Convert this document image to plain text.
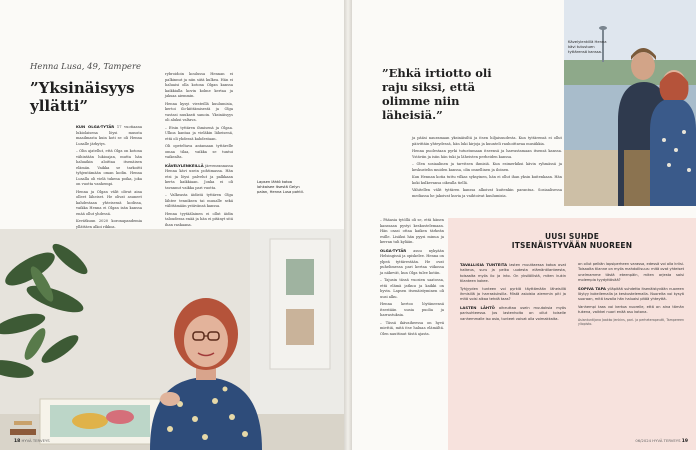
Henna Lusa, 49, Tampere
”Yksinäisyys yllätti”

KUN OLGA-TYTÄR 17 vuotiaana lukiolaisena löysi muusta maailmasta kuin koti se oli Henna Lusalle järkytys.

– Olin ajatellut, että Olga on kotona vähintään lukioajan, mutta hän haluaikin aloittaa itsenäisen elämän. Vaikka se tarkoitti tyhjentämään oman kodin. Henna Lusalla oli vielä tukena poika, joka on vuotta vanhempi.

Henna ja Olgan välit olivat aina olleet läheiset. He olivat asuneet kahdestaan yhteisessä kodissa, vaikka Henna ei Olgan isän kanssa enää ollut yhdessä.

Kevätkuun 2020 koronapandemia yllättäen alkoi rikkoa.

rybroidoin koulussa Hennan ei palkinnut ja niin siitä kulkea. Hän ei haluaisi olla kotona Olgan kanssa kaikkialla kovin kolme kertaa ja jaksaa aiemmin.

Henna kysyi viesteillä kuulumisia, kertoi ilo-kiittämisestä ja Olga vastasi nuukasti sanoin. Yksinäisyys oli aluksi valtava.

– Etsin tyttären ihmisenä ja Olgaa. Ulkoa kantaa ja vieläkin läheisenä, että oli yhdessä kahdestaan.

Oli opeteltava antamaan tyttärelle omaa tilaa, vaikka se tuntui vaikealta.

KÄVELYLENKEILLÄ järvenrannassa Henna kävi usein pohtimassa. Hän etsi ja löysi palvelut ja palkkaan kerta kaikkiaan. Jonka ei oli tavannut vaikka pari vuotta.

– Valkeasta äidistä tyttären Olga lähtee tenniksen tai muualle sekä välittämään ystävänsä kanssa.

Henna tyytäälainen ei ollut äidin taloudessa enää ja hän ei pitänyt sitä ihan raskaana.

Lapsen lähtö kotoa lohkaisee itsestä Gelyn palan, Henna Lusa pohtii.
18 HYVÄ TERVEYS
”Ehkä irtiotto oli raju siksi, että olimme niin läheisiä.”

ja pääsi nauramaan yksinäisiltä ja itsen hiljaisuudesta. Kun tyttärensä ei ollut päivittäin yhteydessä, hän luki kirjoja ja kuunteli rauhoittavaa musiikkia.

Henna puolestaan pyrki tutustumaan itseensä ja harrastamaan itsensä kanssa. Ystäviin ja isiin hän tuki ja läheisten perheiden kanssa.

– Olen sosiaalinen ja tarvitsen ihmisiä. Kun esimerkiksi kävin ryhmässä ja keskustelin muiden kanssa, olin onnellinen ja iloinen.

Kun Hennan kotia tuttu vilkas syksyinen, hän ei ollut ihan yksin kuitenkaan. Hän koki kulkevansa oikealla tiellä.

Vähitellen välit tyttären kanssa alkoivat kuitenkin parantua. Sosiaalisessa mediassa he jakoivat kuvia ja vaihtoivat kuulumisia.

– Pääasia tytöllä oli se, että hänen kanssaan pystyi keskustelemaan. Hän osasi ottaa kaiken tärkeän esille. Lisäksi hän pyysi minua ja kerran tuli kylään.

OLGA-TYTÄR asuu nykyään Helsingissä ja opiskelee. Henna on ylpeä tyttärestään. He ovat puhelimessa pari kertaa viikossa ja näkevät, kun Olga tulee kotiin.

– Tajusin tässä vuosien saatossa, että elämä jatkuu ja kaikki on hyvin. Lapsen itsenäistyminen oli uusi alku.

Henna kertoo löytäneensä itsestään uusia puolia ja harrastuksia.

– Tässä ikävaiheessa on hyvä miettiä, mitä itse haluaa elämältä. Olen nauttinut tästä ajasta.

Kävelylenkillä Henna kävi tutustuen tyttärensä kanssa.
UUSI SUHDE
ITSENÄISTYVÄÄN NUOREEN

TAVALLISIA TUNTEITA lasten muuttaessa kotoa ovat haikeus, suru ja pelko uudesta elämäntilanteesta, toisaalta myös ilo ja into. On yksilöllistä, miten kukin tilanteen kokee.

Tyhjyyden tunteen voi pyrkiä täyttämään läheisillä ihmisillä ja harrastuksilla. Mistä asioista aiemmin piti ja mitä voisi alkaa tehdä taas?

LASTEN LÄHTÖ aiheuttaa usein muutoksia myös parisuhteessa. Jos lastenhoito on ollut toiselle vanhemmalle iso asia, tunteet voivat olla voimakkaita.

on ollut pelkän lapsiperheen varassa, edessä voi olla kriisi. Toisaalta tilanne on myös mahdollisuus: mitä ovat yhteiset unelmamme tästä eteenpäin, miten arjesta saisi molempia tyydyttävää?

SOPIVA TAPA ylläpitää suhdetta itsenäistyvään nuoreen löytyy kokeilemalla ja keskustelemalla. Nuorelta voi kysyä suoraan, mitä tavalla hän haluaisi pitää yhteyttä.

Vanhempi taas voi kertoa nuorelle, että on aina tämän tukena, vaikkei nuori enää asu kotona.

Asiantuntijana Jaakko Jenkins, pari- ja perheterapeutti, Tampereen yliopisto.

06/2024 HYVÄ TERVEYS 19
